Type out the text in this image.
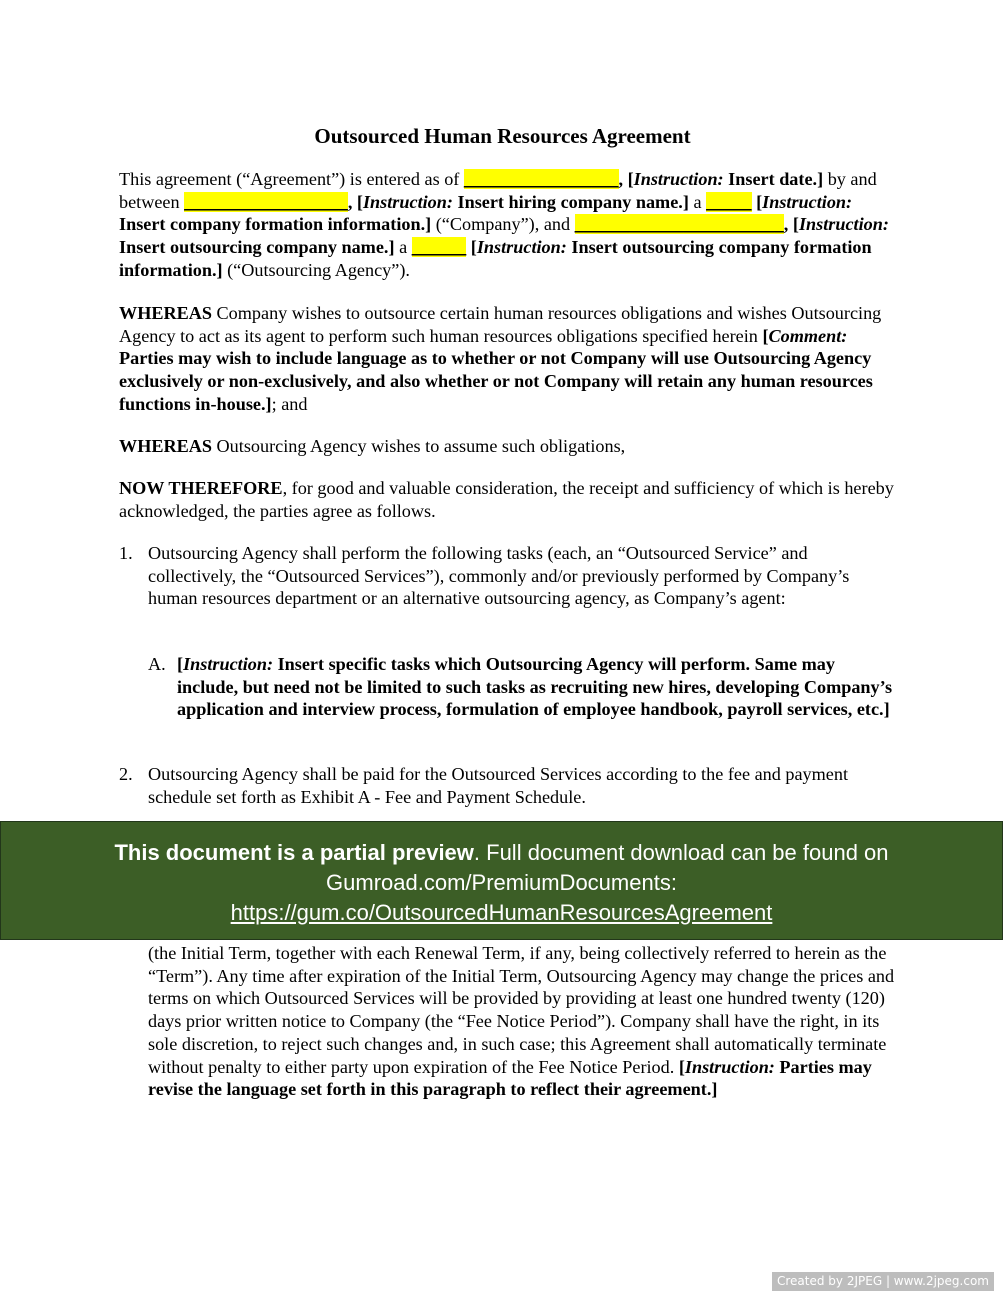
Outsourced Human Resources Agreement

This agreement (“Agreement”) is entered as of _________________, [Instruction: Insert date.] by and between __________________, [Instruction: Insert hiring company name.] a _____ [Instruction: Insert company formation information.] (“Company”), and _______________________, [Instruction: Insert outsourcing company name.] a ______ [Instruction: Insert outsourcing company formation information.] (“Outsourcing Agency”).

WHEREAS Company wishes to outsource certain human resources obligations and wishes Outsourcing Agency to act as its agent to perform such human resources obligations specified herein [Comment: Parties may wish to include language as to whether or not Company will use Outsourcing Agency exclusively or non-exclusively, and also whether or not Company will retain any human resources functions in-house.]; and

WHEREAS Outsourcing Agency wishes to assume such obligations,

NOW THEREFORE, for good and valuable consideration, the receipt and sufficiency of which is hereby acknowledged, the parties agree as follows.

1. Outsourcing Agency shall perform the following tasks (each, an “Outsourced Service” and collectively, the “Outsourced Services”), commonly and/or previously performed by Company’s human resources department or an alternative outsourcing agency, as Company’s agent:

A. [Instruction: Insert specific tasks which Outsourcing Agency will perform. Same may include, but need not be limited to such tasks as recruiting new hires, developing Company’s application and interview process, formulation of employee handbook, payroll services, etc.]

2. Outsourcing Agency shall be paid for the Outsourced Services according to the fee and payment schedule set forth as Exhibit A - Fee and Payment Schedule.

(the Initial Term, together with each Renewal Term, if any, being collectively referred to herein as the “Term”). Any time after expiration of the Initial Term, Outsourcing Agency may change the prices and terms on which Outsourced Services will be provided by providing at least one hundred twenty (120) days prior written notice to Company (the “Fee Notice Period”). Company shall have the right, in its sole discretion, to reject such changes and, in such case; this Agreement shall automatically terminate without penalty to either party upon expiration of the Fee Notice Period. [Instruction: Parties may revise the language set forth in this paragraph to reflect their agreement.]

This document is a partial preview. Full document download can be found on
Gumroad.com/PremiumDocuments:
https://gum.co/OutsourcedHumanResourcesAgreement
Created by 2JPEG | www.2jpeg.com
